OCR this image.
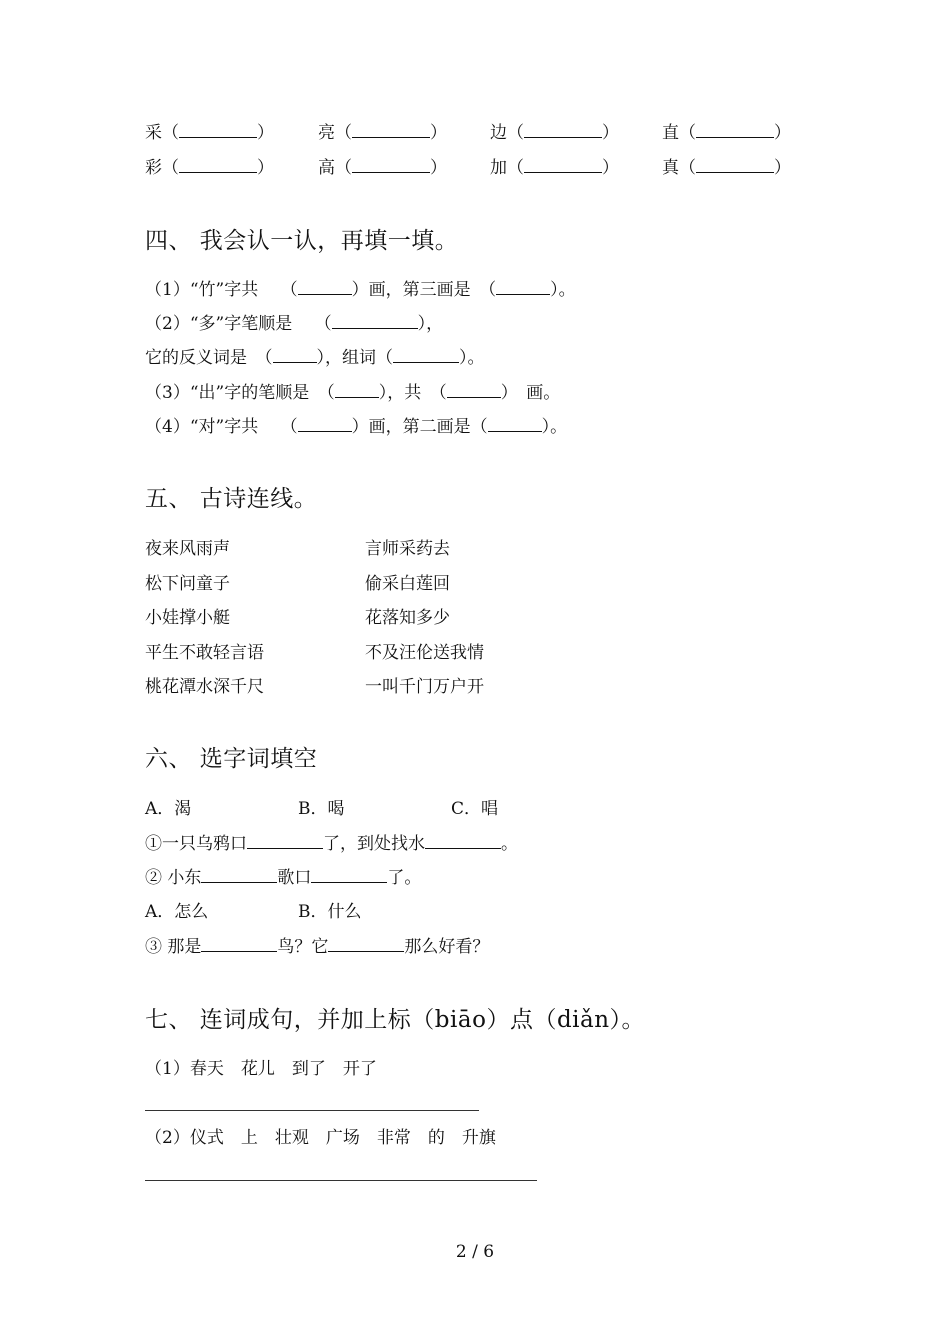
采（	）	亮（	）	边（	）	直（	）
彩（	）	高（	）	加（	）	真（	）
四、 我会认一认，再填一填。
（1）“竹”字共　 （	）画，第三画是　（	）。
（2）“多”字笔顺是　 （	），
它的反义词是　（	），组词（	）。
（3）“出”字的笔顺是　（	），共　（	）　画。
（4）“对”字共　 （	）画，第二画是（	）。
五、 古诗连线。
夜来风雨声
松下问童子
小娃撑小艇
平生不敢轻言语
桃花潭水深千尺
言师采药去
偷采白莲回
花落知多少
不及汪伦送我情
一叫千门万户开
六、 选字词填空
A．渴	B．喝	C．唱
①一只乌鸦口	了，到处找水	。
② 小东	歌口	了。
A．怎么	B．什么
③ 那是	鸟？它	那么好看？
七、 连词成句，并加上标（biāo）点（diǎn）。
（1）春天　花儿　到了　开了
（2）仪式　上　壮观　广场　非常　的　升旗
2 / 6
